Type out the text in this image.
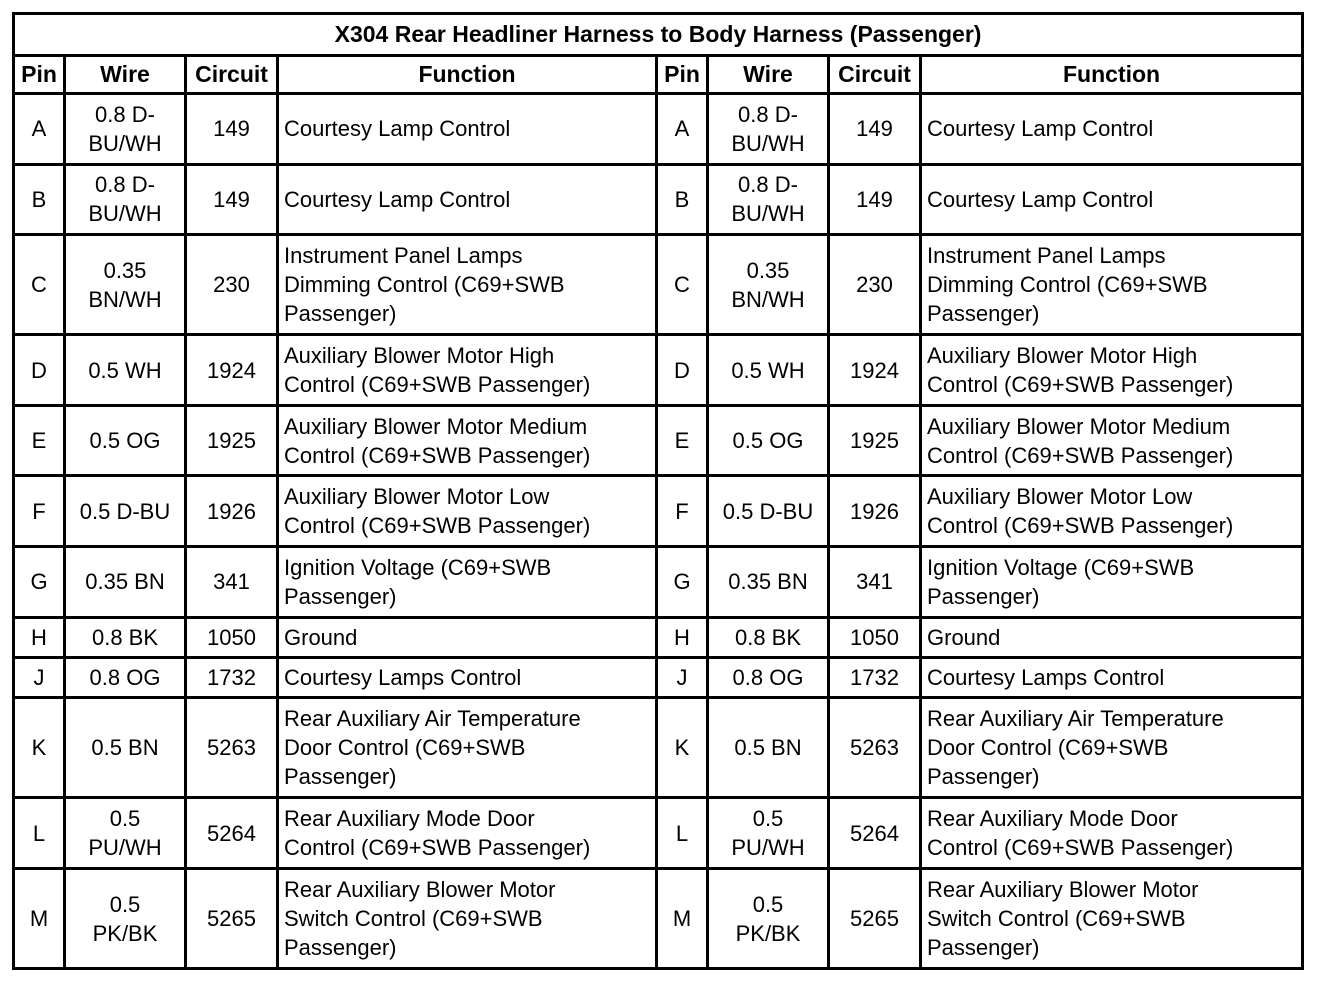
X304 Rear Headliner Harness to Body Harness (Passenger)							
Pin	Wire	Circuit	Function	Pin	Wire	Circuit	Function
A	0.8 D-
BU/WH	149	Courtesy Lamp Control	A	0.8 D-
BU/WH	149	Courtesy Lamp Control

B	0.8 D-
BU/WH	149	Courtesy Lamp Control	B	0.8 D-
BU/WH	149	Courtesy Lamp Control

C	0.35
BN/WH	230	Instrument Panel Lamps
Dimming Control (C69+SWB
Passenger)	C	0.35
BN/WH	230	Instrument Panel Lamps
Dimming Control (C69+SWB
Passenger)

D	0.5 WH	1924	Auxiliary Blower Motor High
Control (C69+SWB Passenger)	D	0.5 WH	1924	Auxiliary Blower Motor High
Control (C69+SWB Passenger)

E	0.5 OG	1925	Auxiliary Blower Motor Medium
Control (C69+SWB Passenger)	E	0.5 OG	1925	Auxiliary Blower Motor Medium
Control (C69+SWB Passenger)

F	0.5 D-BU	1926	Auxiliary Blower Motor Low
Control (C69+SWB Passenger)	F	0.5 D-BU	1926	Auxiliary Blower Motor Low
Control (C69+SWB Passenger)

G	0.35 BN	341	Ignition Voltage (C69+SWB
Passenger)	G	0.35 BN	341	Ignition Voltage (C69+SWB
Passenger)

H	0.8 BK	1050	Ground	H	0.8 BK	1050	Ground

J	0.8 OG	1732	Courtesy Lamps Control	J	0.8 OG	1732	Courtesy Lamps Control

K	0.5 BN	5263	Rear Auxiliary Air Temperature
Door Control (C69+SWB
Passenger)	K	0.5 BN	5263	Rear Auxiliary Air Temperature
Door Control (C69+SWB
Passenger)

L	0.5
PU/WH	5264	Rear Auxiliary Mode Door
Control (C69+SWB Passenger)	L	0.5
PU/WH	5264	Rear Auxiliary Mode Door
Control (C69+SWB Passenger)

M	0.5
PK/BK	5265	Rear Auxiliary Blower Motor
Switch Control (C69+SWB
Passenger)	M	0.5
PK/BK	5265	Rear Auxiliary Blower Motor
Switch Control (C69+SWB
Passenger)
